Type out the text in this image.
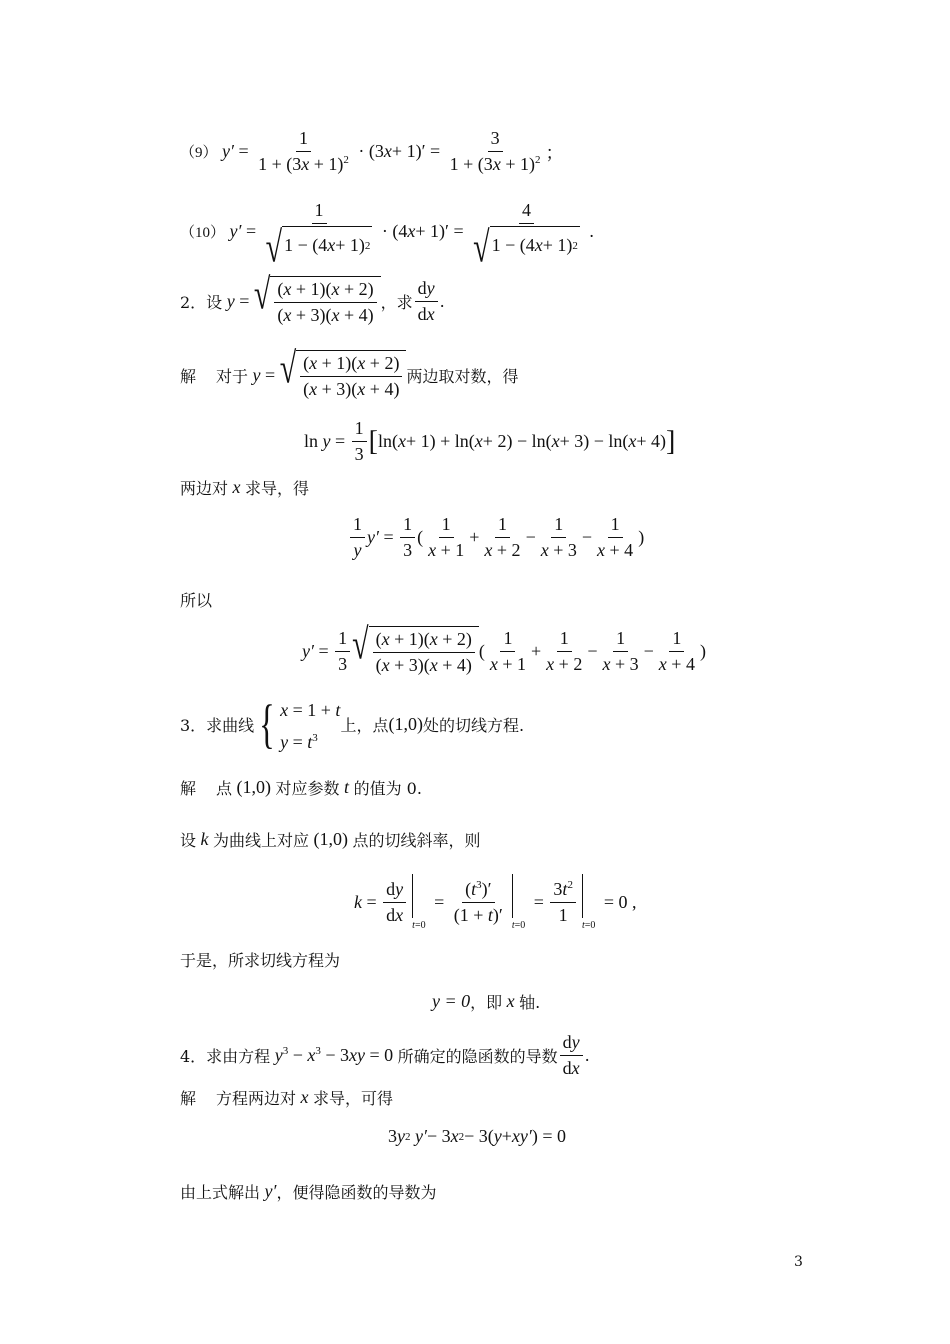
（9） $y' = \frac{1}{1 + (3x + 1)^2} \cdot (3$ $x + 1)' = \frac{3}{1 + (3x + 1)^2}$ ；
（10） $y' = \frac{1}{√ 1 - (4 x + 1) 2} \cdot (4$ $x + 1)' = \frac{4}{√ 1 - (4 x + 1) 2}$ .
2．设 y = √ $\frac{(x + 1)(x + 2)}{(x + 3)(x + 4)}$ ，求 $\frac{dy}{dx}$ .
解 对于 y = √ $\frac{(x + 1)(x + 2)}{(x + 3)(x + 4)}$ 两边取对数，得
$\ln y = \frac{1}{3}$ [ ln( x + 1) + ln( x + 2) − ln( x + 3) − ln( x + 4) ]
两边对 x 求导，得
$\frac{1}{y} y' = \frac{1}{3}$ ( $\frac{1}{x + 1} + \frac{1}{x + 2} - \frac{1}{x + 3} - \frac{1}{x + 4}$ )
所以
$y' = \frac{1}{3}$ √ $\frac{(x + 1)(x + 2)}{(x + 3)(x + 4)}$ ( $\frac{1}{x + 1} + \frac{1}{x + 2} - \frac{1}{x + 3} - \frac{1}{x + 4}$ )
3．求曲线 { x = 1 + t
$y = t^3$
上，点 (1,0) 处的切线方程.
解 点 (1,0) 对应参数 t 的值为 0.
设 k 为曲线上对应 (1,0) 点的切线斜率，则
$k = \frac{dy}{dx} t=0$
= $\frac{(t^3)'}{(1 + t)'} t=0$
= $\frac{3t^2}{1} t=0$
= 0 ,
于是，所求切线方程为
y = 0 ，即 x 轴.
4．求由方程 $y^3 - x^3 - 3xy = 0$ 所确定的隐函数的导数 $\frac{dy}{dx}$ .
解 方程两边对 x 求导，可得
3 y 2 y′ − 3 x 2 − 3( y + xy′ ) = 0
由上式解出 y′ ，便得隐函数的导数为
3
